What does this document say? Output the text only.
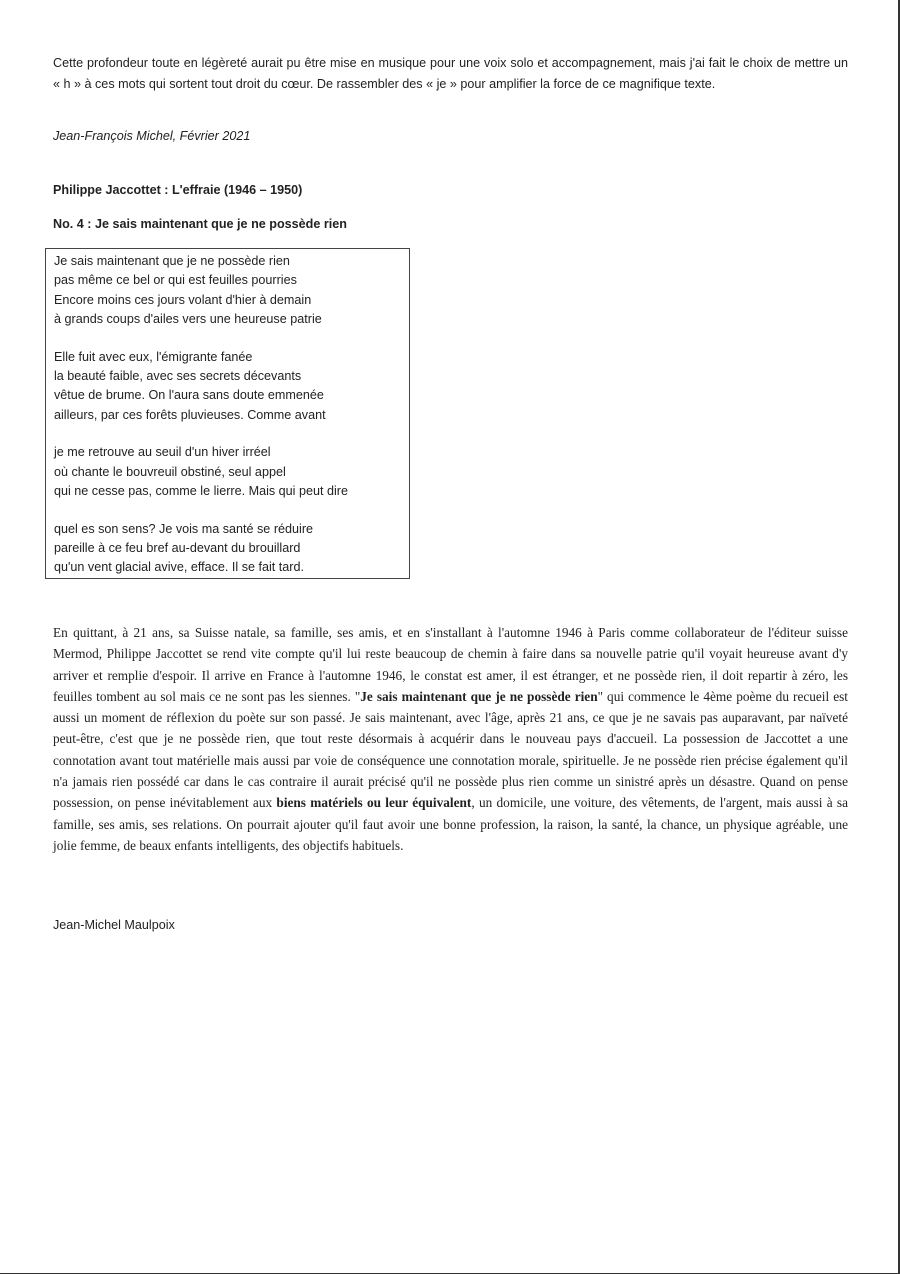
Cette profondeur toute en légèreté aurait pu être mise en musique pour une voix solo et accompagnement, mais j'ai fait le choix de mettre un « h » à ces mots qui sortent tout droit du cœur. De rassembler des « je » pour amplifier la force de ce magnifique texte.

Jean-François Michel, Février 2021

Philippe Jaccottet : L'effraie (1946 – 1950)

No. 4 : Je sais maintenant que je ne possède rien

Je sais maintenant que je ne possède rien
pas même ce bel or qui est feuilles pourries
Encore moins ces jours volant d'hier à demain
à grands coups d'ailes vers une heureuse patrie
Elle fuit avec eux, l'émigrante fanée
la beauté faible, avec ses secrets décevants
vêtue de brume. On l'aura sans doute emmenée
ailleurs, par ces forêts pluvieuses. Comme avant
je me retrouve au seuil d'un hiver irréel
où chante le bouvreuil obstiné, seul appel
qui ne cesse pas, comme le lierre. Mais qui peut dire
quel es son sens? Je vois ma santé se réduire
pareille à ce feu bref au-devant du brouillard
qu'un vent glacial avive, efface. Il se fait tard.

En quittant, à 21 ans, sa Suisse natale, sa famille, ses amis, et en s'installant à l'automne 1946 à Paris comme collaborateur de l'éditeur suisse Mermod, Philippe Jaccottet se rend vite compte qu'il lui reste beaucoup de chemin à faire dans sa nouvelle patrie qu'il voyait heureuse avant d'y arriver et remplie d'espoir. Il arrive en France à l'automne 1946, le constat est amer, il est étranger, et ne possède rien, il doit repartir à zéro, les feuilles tombent au sol mais ce ne sont pas les siennes. "Je sais maintenant que je ne possède rien" qui commence le 4ème poème du recueil est aussi un moment de réflexion du poète sur son passé. Je sais maintenant, avec l'âge, après 21 ans, ce que je ne savais pas auparavant, par naïveté peut-être, c'est que je ne possède rien, que tout reste désormais à acquérir dans le nouveau pays d'accueil. La possession de Jaccottet a une connotation avant tout matérielle mais aussi par voie de conséquence une connotation morale, spirituelle. Je ne possède rien précise également qu'il n'a jamais rien possédé car dans le cas contraire il aurait précisé qu'il ne possède plus rien comme un sinistré après un désastre. Quand on pense possession, on pense inévitablement aux biens matériels ou leur équivalent, un domicile, une voiture, des vêtements, de l'argent, mais aussi à sa famille, ses amis, ses relations. On pourrait ajouter qu'il faut avoir une bonne profession, la raison, la santé, la chance, un physique agréable, une jolie femme, de beaux enfants intelligents, des objectifs habituels.

Jean-Michel Maulpoix
